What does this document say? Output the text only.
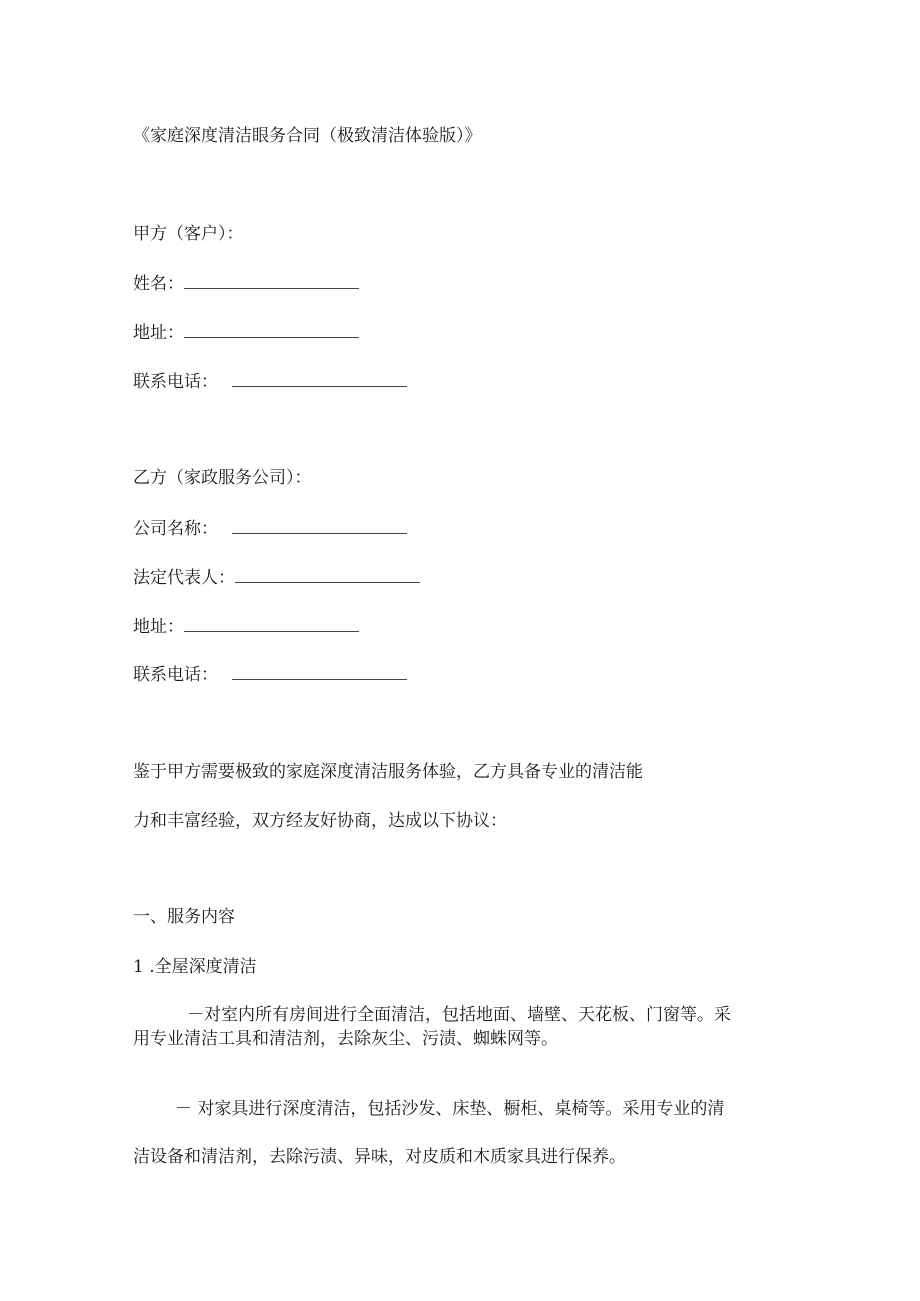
《家庭深度清洁眼务合同（极致清洁体验版）》
甲方（客户）：
姓名：
地址：
联系电话：
乙方（家政服务公司）：
公司名称：
法定代表人：
地址：
联系电话：
鉴于甲方需要极致的家庭深度清洁服务体验，乙方具备专业的清洁能
力和丰富经验，双方经友好协商，达成以下协议：
一、服务内容
1 .全屋深度清洁
－对室内所有房间进行全面清洁，包括地面、墙壁、天花板、门窗等。采
用专业清洁工具和清洁剂，去除灰尘、污渍、蜘蛛网等。
－ 对家具进行深度清洁，包括沙发、床垫、橱柜、桌椅等。采用专业的清
洁设备和清洁剂，去除污渍、异味，对皮质和木质家具进行保养。
